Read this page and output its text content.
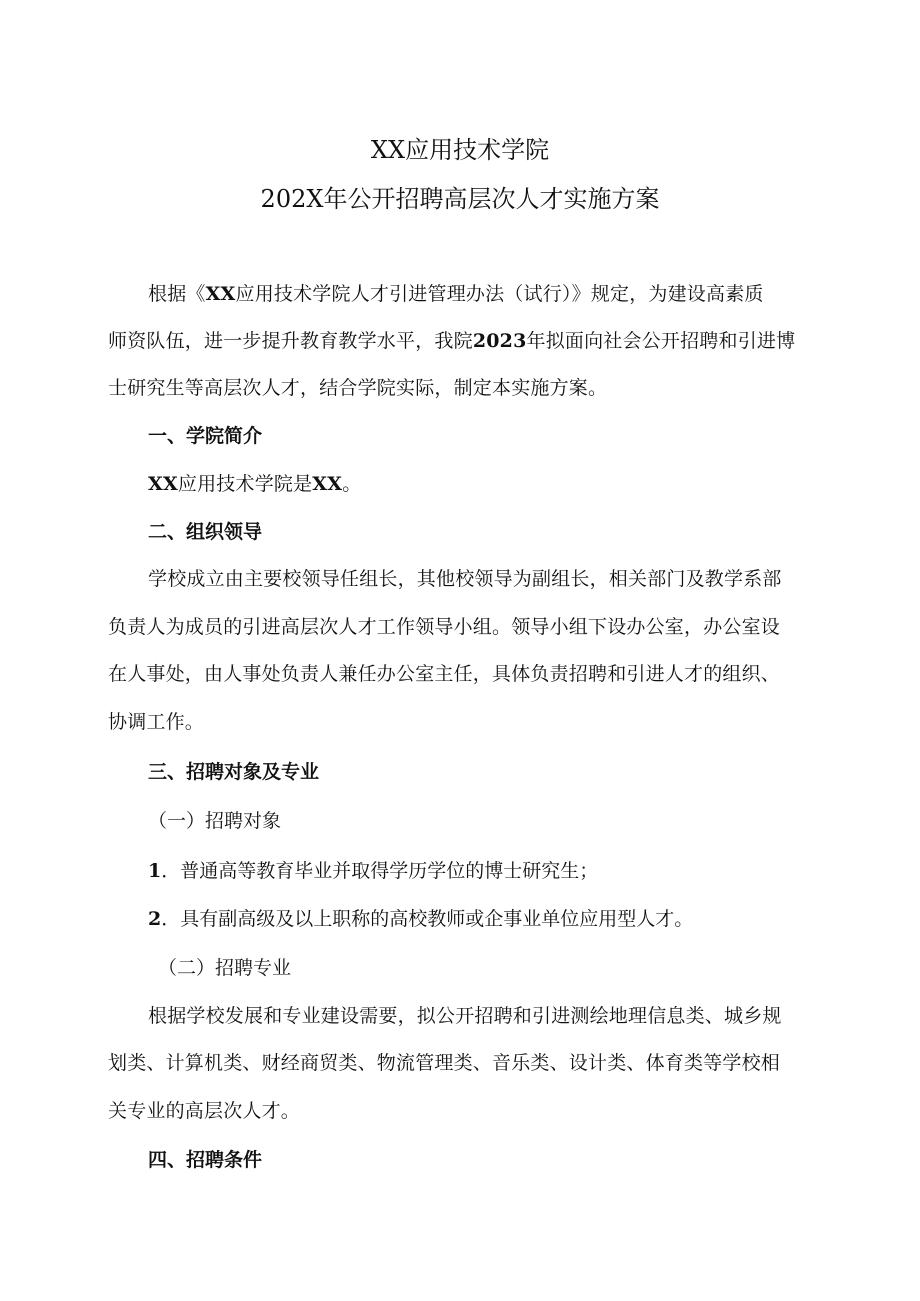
XX应用技术学院
202X年公开招聘高层次人才实施方案
根据《XX应用技术学院人才引进管理办法（试行）》规定，为建设高素质
师资队伍，进一步提升教育教学水平，我院2023年拟面向社会公开招聘和引进博
士研究生等高层次人才，结合学院实际，制定本实施方案。
一、学院简介
XX应用技术学院是XX。
二、组织领导
学校成立由主要校领导任组长，其他校领导为副组长，相关部门及教学系部
负责人为成员的引进高层次人才工作领导小组。领导小组下设办公室，办公室设
在人事处，由人事处负责人兼任办公室主任，具体负责招聘和引进人才的组织、
协调工作。
三、招聘对象及专业
（一）招聘对象
1．普通高等教育毕业并取得学历学位的博士研究生；
2．具有副高级及以上职称的高校教师或企事业单位应用型人才。
（二）招聘专业
根据学校发展和专业建设需要，拟公开招聘和引进测绘地理信息类、城乡规
划类、计算机类、财经商贸类、物流管理类、音乐类、设计类、体育类等学校相
关专业的高层次人才。
四、招聘条件
